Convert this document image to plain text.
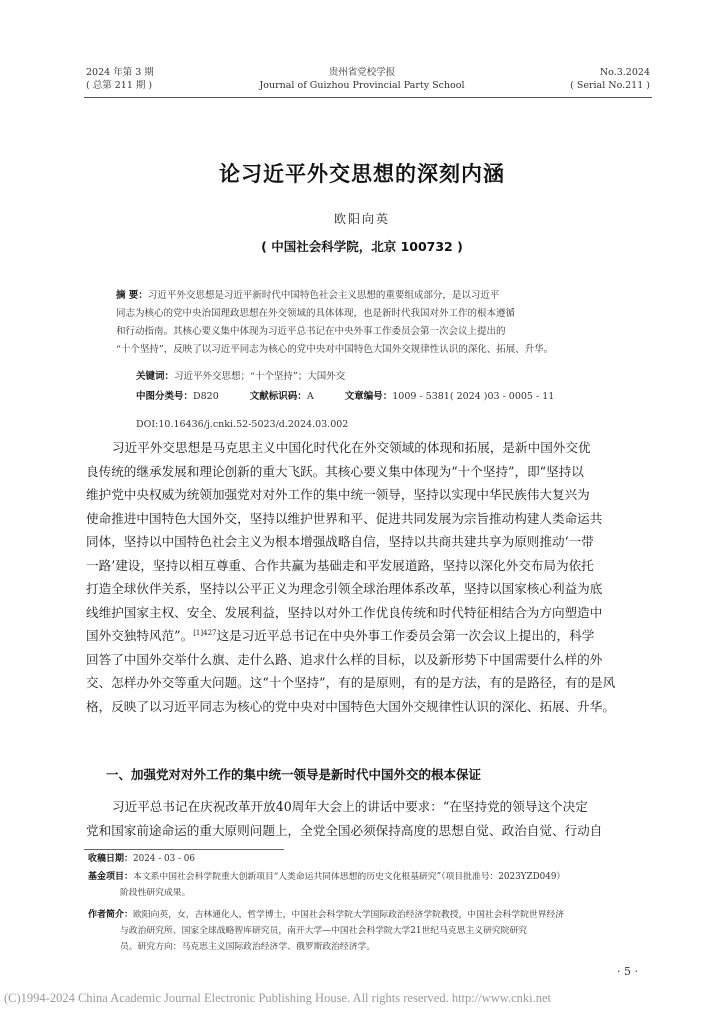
2024 年第 3 期
( 总第 211 期 )
贵州省党校学报
Journal of Guizhou Provincial Party School
No.3.2024
( Serial No.211 )
论习近平外交思想的深刻内涵
欧阳向英
( 中国社会科学院，北京 100732 )
摘 要：习近平外交思想是习近平新时代中国特色社会主义思想的重要组成部分，是以习近平
同志为核心的党中央治国理政思想在外交领域的具体体现，也是新时代我国对外工作的根本遵循
和行动指南。其核心要义集中体现为习近平总书记在中央外事工作委员会第一次会议上提出的
“十个坚持”，反映了以习近平同志为核心的党中央对中国特色大国外交规律性认识的深化、拓展、升华。
关键词：习近平外交思想；“十个坚持”；大国外交
中图分类号：D820	文献标识码：A	文章编号：1009 - 5381( 2024 )03 - 0005 - 11
DOI:10.16436/j.cnki.52-5023/d.2024.03.002
习近平外交思想是马克思主义中国化时代化在外交领域的体现和拓展，是新中国外交优
良传统的继承发展和理论创新的重大飞跃。其核心要义集中体现为“十个坚持”，即“坚持以
维护党中央权威为统领加强党对对外工作的集中统一领导，坚持以实现中华民族伟大复兴为
使命推进中国特色大国外交，坚持以维护世界和平、促进共同发展为宗旨推动构建人类命运共
同体，坚持以中国特色社会主义为根本增强战略自信，坚持以共商共建共享为原则推动‘一带
一路’建设，坚持以相互尊重、合作共赢为基础走和平发展道路，坚持以深化外交布局为依托
打造全球伙伴关系，坚持以公平正义为理念引领全球治理体系改革，坚持以国家核心利益为底
线维护国家主权、安全、发展利益，坚持以对外工作优良传统和时代特征相结合为方向塑造中
国外交独特风范”。$^{[1]427}$这是习近平总书记在中央外事工作委员会第一次会议上提出的，科学
回答了中国外交举什么旗、走什么路、追求什么样的目标，以及新形势下中国需要什么样的外
交、怎样办外交等重大问题。这“十个坚持”，有的是原则，有的是方法，有的是路径，有的是风
格，反映了以习近平同志为核心的党中央对中国特色大国外交规律性认识的深化、拓展、升华。
一、加强党对对外工作的集中统一领导是新时代中国外交的根本保证
习近平总书记在庆祝改革开放40周年大会上的讲话中要求：“在坚持党的领导这个决定
党和国家前途命运的重大原则问题上，全党全国必须保持高度的思想自觉、政治自觉、行动自
收稿日期：2024 - 03 - 06
基金项目：本文系中国社会科学院重大创新项目“人类命运共同体思想的历史文化根基研究”（项目批准号：2023YZD049）
阶段性研究成果。
作者简介：欧阳向英，女，吉林通化人，哲学博士，中国社会科学院大学国际政治经济学院教授，中国社会科学院世界经济
与政治研究所、国家全球战略智库研究员，南开大学—中国社会科学院大学21世纪马克思主义研究院研究
员。研究方向：马克思主义国际政治经济学、俄罗斯政治经济学。
· 5 ·
(C)1994-2024 China Academic Journal Electronic Publishing House. All rights reserved. http://www.cnki.net
